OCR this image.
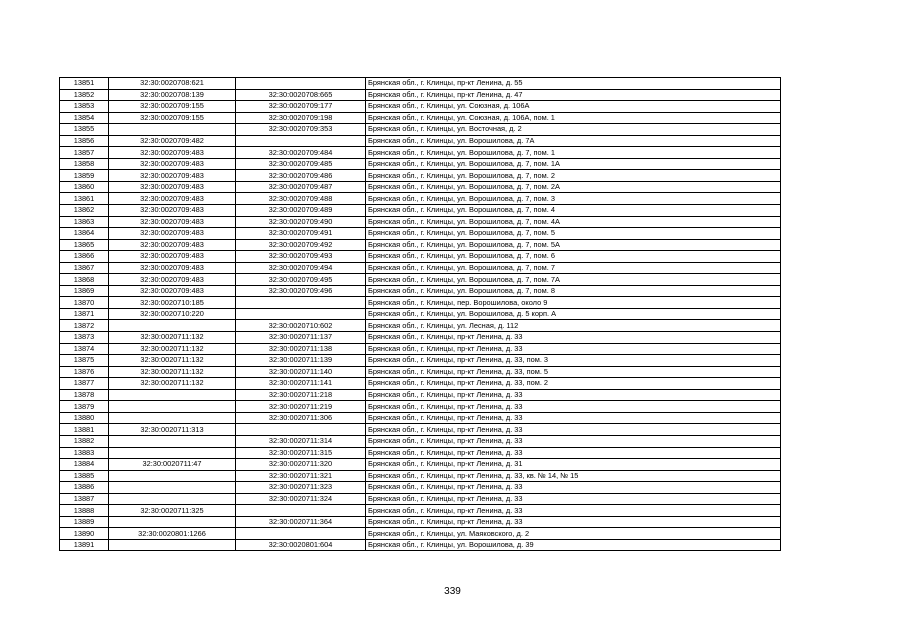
13851	32:30:0020708:621		Брянская обл., г. Клинцы, пр-кт Ленина, д. 55
13852	32:30:0020708:139	32:30:0020708:665	Брянская обл., г. Клинцы, пр-кт Ленина, д. 47
13853	32:30:0020709:155	32:30:0020709:177	Брянская обл., г. Клинцы, ул. Союзная, д. 106А
13854	32:30:0020709:155	32:30:0020709:198	Брянская обл., г. Клинцы, ул. Союзная, д. 106А, пом. 1
13855		32:30:0020709:353	Брянская обл., г. Клинцы, ул. Восточная, д. 2
13856	32:30:0020709:482		Брянская обл., г. Клинцы, ул. Ворошилова, д. 7А
13857	32:30:0020709:483	32:30:0020709:484	Брянская обл., г. Клинцы, ул. Ворошилова, д. 7, пом. 1
13858	32:30:0020709:483	32:30:0020709:485	Брянская обл., г. Клинцы, ул. Ворошилова, д. 7, пом. 1А
13859	32:30:0020709:483	32:30:0020709:486	Брянская обл., г. Клинцы, ул. Ворошилова, д. 7, пом. 2
13860	32:30:0020709:483	32:30:0020709:487	Брянская обл., г. Клинцы, ул. Ворошилова, д. 7, пом. 2А
13861	32:30:0020709:483	32:30:0020709:488	Брянская обл., г. Клинцы, ул. Ворошилова, д. 7, пом. 3
13862	32:30:0020709:483	32:30:0020709:489	Брянская обл., г. Клинцы, ул. Ворошилова, д. 7, пом. 4
13863	32:30:0020709:483	32:30:0020709:490	Брянская обл., г. Клинцы, ул. Ворошилова, д. 7, пом. 4А
13864	32:30:0020709:483	32:30:0020709:491	Брянская обл., г. Клинцы, ул. Ворошилова, д. 7, пом. 5
13865	32:30:0020709:483	32:30:0020709:492	Брянская обл., г. Клинцы, ул. Ворошилова, д. 7, пом. 5А
13866	32:30:0020709:483	32:30:0020709:493	Брянская обл., г. Клинцы, ул. Ворошилова, д. 7, пом. 6
13867	32:30:0020709:483	32:30:0020709:494	Брянская обл., г. Клинцы, ул. Ворошилова, д. 7, пом. 7
13868	32:30:0020709:483	32:30:0020709:495	Брянская обл., г. Клинцы, ул. Ворошилова, д. 7, пом. 7А
13869	32:30:0020709:483	32:30:0020709:496	Брянская обл., г. Клинцы, ул. Ворошилова, д. 7, пом. 8
13870	32:30:0020710:185		Брянская обл., г. Клинцы, пер. Ворошилова, около 9
13871	32:30:0020710:220		Брянская обл., г. Клинцы, ул. Ворошилова, д. 5 корп. А
13872		32:30:0020710:602	Брянская обл., г. Клинцы, ул. Лесная, д. 112
13873	32:30:0020711:132	32:30:0020711:137	Брянская обл., г. Клинцы, пр-кт Ленина, д. 33
13874	32:30:0020711:132	32:30:0020711:138	Брянская обл., г. Клинцы, пр-кт Ленина, д. 33
13875	32:30:0020711:132	32:30:0020711:139	Брянская обл., г. Клинцы, пр-кт Ленина, д. 33, пом. 3
13876	32:30:0020711:132	32:30:0020711:140	Брянская обл., г. Клинцы, пр-кт Ленина, д. 33, пом. 5
13877	32:30:0020711:132	32:30:0020711:141	Брянская обл., г. Клинцы, пр-кт Ленина, д. 33, пом. 2
13878		32:30:0020711:218	Брянская обл., г. Клинцы, пр-кт Ленина, д. 33
13879		32:30:0020711:219	Брянская обл., г. Клинцы, пр-кт Ленина, д. 33
13880		32:30:0020711:306	Брянская обл., г. Клинцы, пр-кт Ленина, д. 33
13881	32:30:0020711:313		Брянская обл., г. Клинцы, пр-кт Ленина, д. 33
13882		32:30:0020711:314	Брянская обл., г. Клинцы, пр-кт Ленина, д. 33
13883		32:30:0020711:315	Брянская обл., г. Клинцы, пр-кт Ленина, д. 33
13884	32:30:0020711:47	32:30:0020711:320	Брянская обл., г. Клинцы, пр-кт Ленина, д. 31
13885		32:30:0020711:321	Брянская обл., г. Клинцы, пр-кт Ленина, д. 33, кв. № 14, № 15
13886		32:30:0020711:323	Брянская обл., г. Клинцы, пр-кт Ленина, д. 33
13887		32:30:0020711:324	Брянская обл., г. Клинцы, пр-кт Ленина, д. 33
13888	32:30:0020711:325		Брянская обл., г. Клинцы, пр-кт Ленина, д. 33
13889		32:30:0020711:364	Брянская обл., г. Клинцы, пр-кт Ленина, д. 33
13890	32:30:0020801:1266		Брянская обл., г. Клинцы, ул. Маяковского, д. 2
13891		32:30:0020801:604	Брянская обл., г. Клинцы, ул. Ворошилова, д. 39
339
